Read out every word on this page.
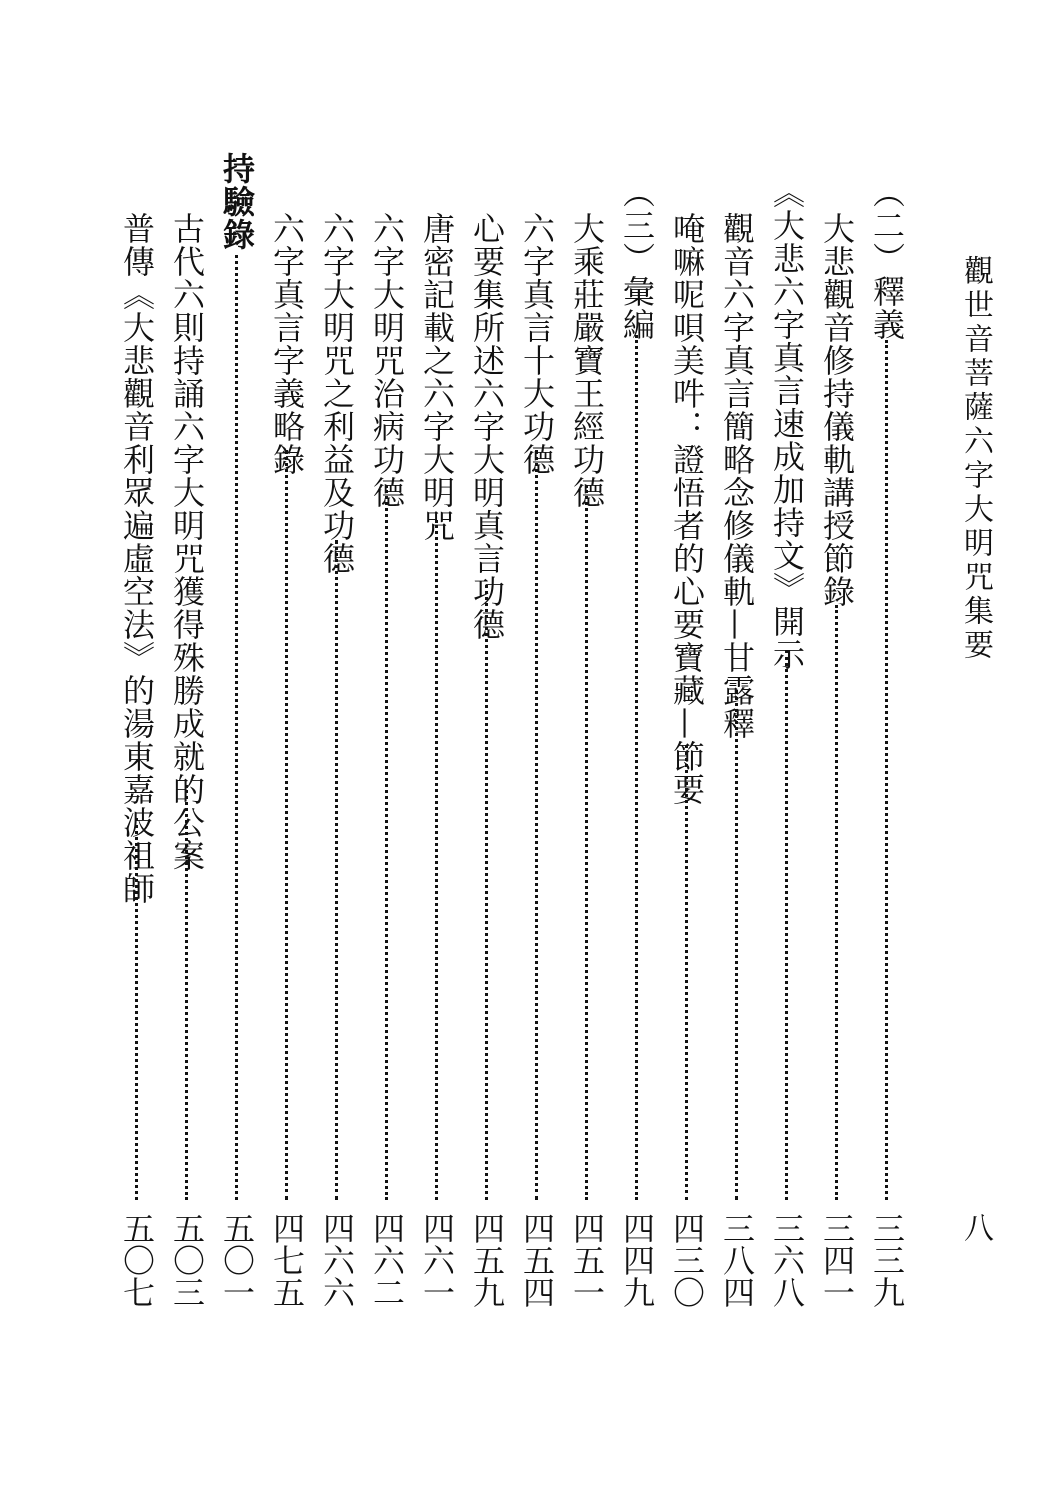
觀世音菩薩六字大明咒集要
八
（二）釋義
三三九
大悲觀音修持儀軌講授節錄
三四一
《大悲六字真言速成加持文》開示
三六八
觀音六字真言簡略念修儀軌—甘露釋
三八四
唵嘛呢唄美吽：證悟者的心要寶藏—節要
四三〇
（三）彙編
四四九
大乘莊嚴寶王經功德
四五一
六字真言十大功德
四五四
心要集所述六字大明真言功德
四五九
唐密記載之六字大明咒
四六一
六字大明咒治病功德
四六二
六字大明咒之利益及功德
四六六
六字真言字義略錄
四七五
持驗錄
五〇一
古代六則持誦六字大明咒獲得殊勝成就的公案
五〇三
普傳《大悲觀音利眾遍虛空法》的湯東嘉波祖師
五〇七
